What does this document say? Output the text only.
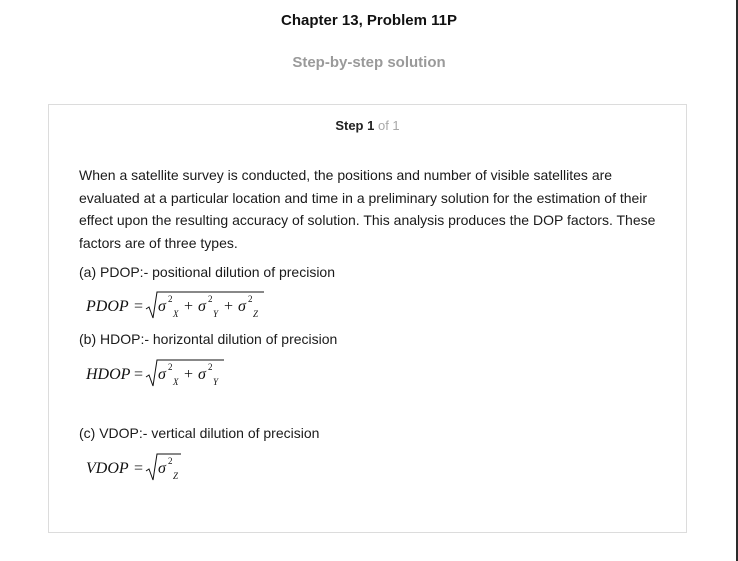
Chapter 13, Problem 11P
Step-by-step solution
Step 1 of 1
When a satellite survey is conducted, the positions and number of visible satellites are evaluated at a particular location and time in a preliminary solution for the estimation of their effect upon the resulting accuracy of solution. This analysis produces the DOP factors. These factors are of three types.
(a) PDOP:- positional dilution of precision
PDOP = σ 2
X + σ 2
Y + σ 2
Z
(b) HDOP:- horizontal dilution of precision
HDOP = σ 2
X + σ 2
Y
(c) VDOP:- vertical dilution of precision
VDOP = σ 2
Z
